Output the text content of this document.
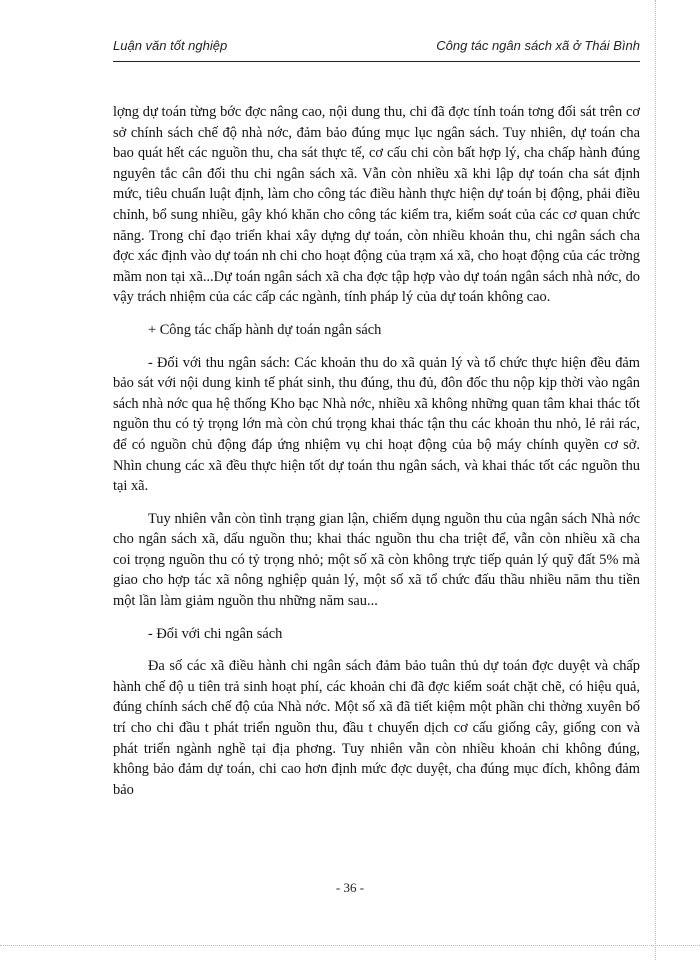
Luận văn tốt nghiệp	Công tác ngân sách xã ở Thái Bình

lợng dự toán từng bớc đợc nâng cao, nội dung thu, chi đã đợc tính toán tơng đối sát trên cơ sở chính sách chế độ nhà nớc, đảm bảo đúng mục lục ngân sách. Tuy nhiên, dự toán cha bao quát hết các nguồn thu, cha sát thực tế, cơ cấu chi còn bất hợp lý, cha chấp hành đúng nguyên tắc cân đối thu chi ngân sách xã. Vẫn còn nhiều xã khi lập dự toán cha sát định mức, tiêu chuẩn luật định, làm cho công tác điều hành thực hiện dự toán bị động, phải điều chỉnh, bổ sung nhiều, gây khó khăn cho công tác kiểm tra, kiểm soát của các cơ quan chức năng. Trong chỉ đạo triển khai xây dựng dự toán, còn nhiều khoản thu, chi ngân sách cha đợc xác định vào dự toán nh chi cho hoạt động của trạm xá xã, cho hoạt động của các trờng mầm non tại xã...Dự toán ngân sách xã cha đợc tập hợp vào dự toán ngân sách nhà nớc, do vậy trách nhiệm của các cấp các ngành, tính pháp lý của dự toán không cao.

+ Công tác chấp hành dự toán ngân sách

- Đối với thu ngân sách: Các khoản thu do xã quản lý và tổ chức thực hiện đều đảm bảo sát với nội dung kinh tế phát sinh, thu đúng, thu đủ, đôn đốc thu nộp kịp thời vào ngân sách nhà nớc qua hệ thống Kho bạc Nhà nớc, nhiều xã không những quan tâm khai thác tốt nguồn thu có tỷ trọng lớn mà còn chú trọng khai thác tận thu các khoản thu nhỏ, lẻ rải rác, để có nguồn chủ động đáp ứng nhiệm vụ chi hoạt động của bộ máy chính quyền cơ sở. Nhìn chung các xã đều thực hiện tốt dự toán thu ngân sách, và khai thác tốt các nguồn thu tại xã.

Tuy nhiên vẫn còn tình trạng gian lận, chiếm dụng nguồn thu của ngân sách Nhà nớc cho ngân sách xã, dấu nguồn thu; khai thác nguồn thu cha triệt để, vẫn còn nhiều xã cha coi trọng nguồn thu có tỷ trọng nhỏ; một số xã còn không trực tiếp quản lý quỹ đất 5% mà giao cho hợp tác xã nông nghiệp quản lý, một số xã tổ chức đấu thầu nhiều năm thu tiền một lần làm giảm nguồn thu những năm sau...

- Đối với chi ngân sách

Đa số các xã điều hành chi ngân sách đảm bảo tuân thủ dự toán đợc duyệt và chấp hành chế độ u tiên trả sinh hoạt phí, các khoản chi đã đợc kiểm soát chặt chẽ, có hiệu quả, đúng chính sách chế độ của Nhà nớc. Một số xã đã tiết kiệm một phần chi thờng xuyên bố trí cho chi đầu t phát triển nguồn thu, đầu t chuyển dịch cơ cấu giống cây, giống con và phát triển ngành nghề tại địa phơng. Tuy nhiên vẫn còn nhiều khoản chi không đúng, không bảo đảm dự toán, chi cao hơn định mức đợc duyệt, cha đúng mục đích, không đảm bảo

- 36 -
